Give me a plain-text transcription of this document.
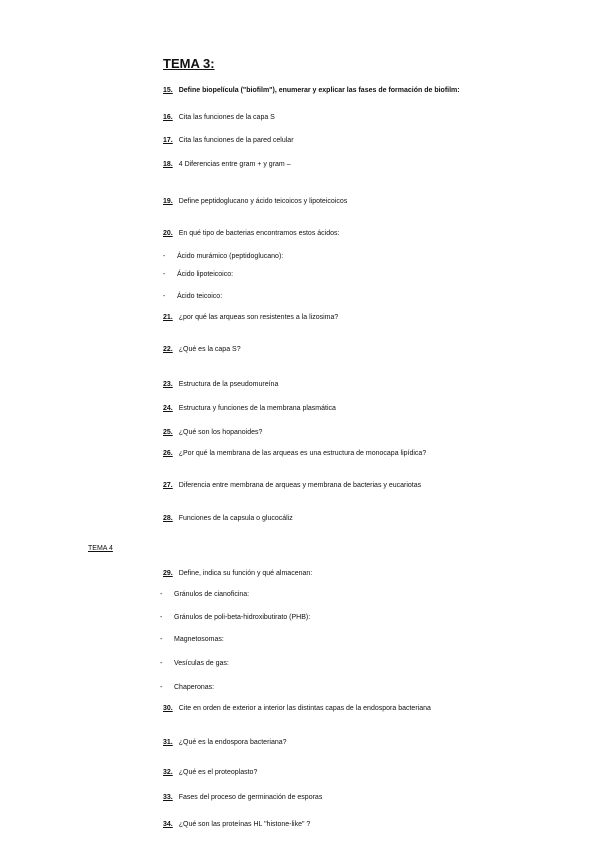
TEMA 3:
15. Define biopelícula ("biofilm"), enumerar y explicar las fases de formación de biofilm:
16. Cita las funciones de la capa S
17. Cita las funciones de la pared celular
18. 4 Diferencias entre gram + y gram –
19. Define peptidoglucano y ácido teicoicos y lipoteicoicos
20. En qué tipo de bacterias encontramos estos ácidos:
- Ácido murámico (peptidoglucano):
- Ácido lipoteicoico:
- Ácido teicoico:
21. ¿por qué las arqueas son resistentes a la lizosima?
22. ¿Qué es la capa S?
23. Estructura de la pseudomureína
24. Estructura y funciones de la membrana plasmática
25. ¿Qué son los hopanoides?
26. ¿Por qué la membrana de las arqueas es una estructura de monocapa lipídica?
27. Diferencia entre membrana de arqueas y membrana de bacterias y eucariotas
28. Funciones de la capsula o glucocáliz
TEMA 4
29. Define, indica su función y qué almacenan:
- Gránulos de cianoficina:
- Gránulos de poli-beta-hidroxibutirato (PHB):
- Magnetosomas:
- Vesículas de gas:
- Chaperonas:
30. Cite en orden de exterior a interior las distintas capas de la endospora bacteriana
31. ¿Qué es la endospora bacteriana?
32. ¿Qué es el proteoplasto?
33. Fases del proceso de germinación de esporas
34. ¿Qué son las proteínas HL "histone-like" ?
